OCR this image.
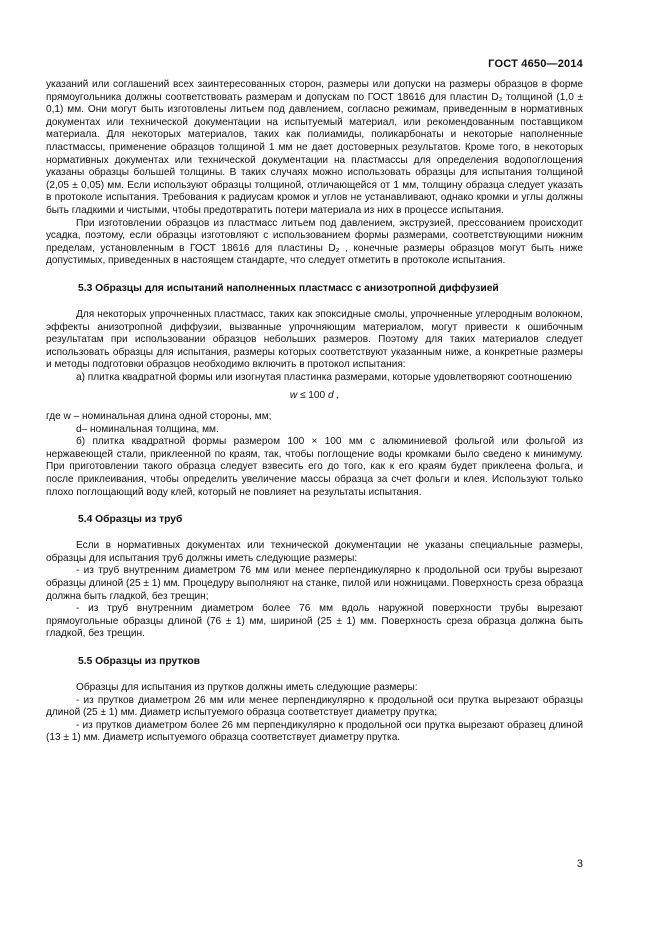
ГОСТ 4650—2014

указаний или соглашений всех заинтересованных сторон, размеры или допуски на размеры образцов в форме прямоугольника должны соответствовать размерам и допускам по ГОСТ 18616 для пластин D₂ толщиной (1,0 ± 0,1) мм. Они могут быть изготовлены литьем под давлением, согласно режимам, приведенным в нормативных документах или технической документации на испытуемый материал, или рекомендованным поставщиком материала. Для некоторых материалов, таких как полиамиды, поликарбонаты и некоторые наполненные пластмассы, применение образцов толщиной 1 мм не дает достоверных результатов. Кроме того, в некоторых нормативных документах или технической документации на пластмассы для определения водопоглощения указаны образцы большей толщины. В таких случаях можно использовать образцы для испытания толщиной (2,05 ± 0,05) мм. Если используют образцы толщиной, отличающейся от 1 мм, толщину образца следует указать в протоколе испытания. Требования к радиусам кромок и углов не устанавливают, однако кромки и углы должны быть гладкими и чистыми, чтобы предотвратить потери материала из них в процессе испытания.

При изготовлении образцов из пластмасс литьем под давлением, экструзией, прессованием происходит усадка, поэтому, если образцы изготовляют с использованием формы размерами, соответствующими нижним пределам, установленным в ГОСТ 18616 для пластины D₂ , конечные размеры образцов могут быть ниже допустимых, приведенных в настоящем стандарте, что следует отметить в протоколе испытания.

5.3 Образцы для испытаний наполненных пластмасс с анизотропной диффузией

Для некоторых упрочненных пластмасс, таких как эпоксидные смолы, упрочненные углеродным волокном, эффекты анизотропной диффузии, вызванные упрочняющим материалом, могут привести к ошибочным результатам при использовании образцов небольших размеров. Поэтому для таких материалов следует использовать образцы для испытания, размеры которых соответствуют указанным ниже, а конкретные размеры и методы подготовки образцов необходимо включить в протокол испытания:

а) плитка квадратной формы или изогнутая пластинка размерами, которые удовлетворяют соотношению

w ≤ 100 d ,

где w – номинальная длина одной стороны, мм;

d– номинальная толщина, мм.

б) плитка квадратной формы размером 100 × 100 мм с алюминиевой фольгой или фольгой из нержавеющей стали, приклеенной по краям, так, чтобы поглощение воды кромками было сведено к минимуму. При приготовлении такого образца следует взвесить его до того, как к его краям будет приклеена фольга, и после приклеивания, чтобы определить увеличение массы образца за счет фольги и клея. Используют только плохо поглощающий воду клей, который не повлияет на результаты испытания.

5.4 Образцы из труб

Если в нормативных документах или технической документации не указаны специальные размеры, образцы для испытания труб должны иметь следующие размеры:

- из труб внутренним диаметром 76 мм или менее перпендикулярно к продольной оси трубы вырезают образцы длиной (25 ± 1) мм. Процедуру выполняют на станке, пилой или ножницами. Поверхность среза образца должна быть гладкой, без трещин;

- из труб внутренним диаметром более 76 мм вдоль наружной поверхности трубы вырезают прямоугольные образцы длиной (76 ± 1) мм, шириной (25 ± 1) мм. Поверхность среза образца должна быть гладкой, без трещин.

5.5 Образцы из прутков

Образцы для испытания из прутков должны иметь следующие размеры:

- из прутков диаметром 26 мм или менее перпендикулярно к продольной оси прутка вырезают образцы длиной (25 ± 1) мм. Диаметр испытуемого образца соответствует диаметру прутка;

- из прутков диаметром более 26 мм перпендикулярно к продольной оси прутка вырезают образец длиной (13 ± 1) мм. Диаметр испытуемого образца соответствует диаметру прутка.

3
